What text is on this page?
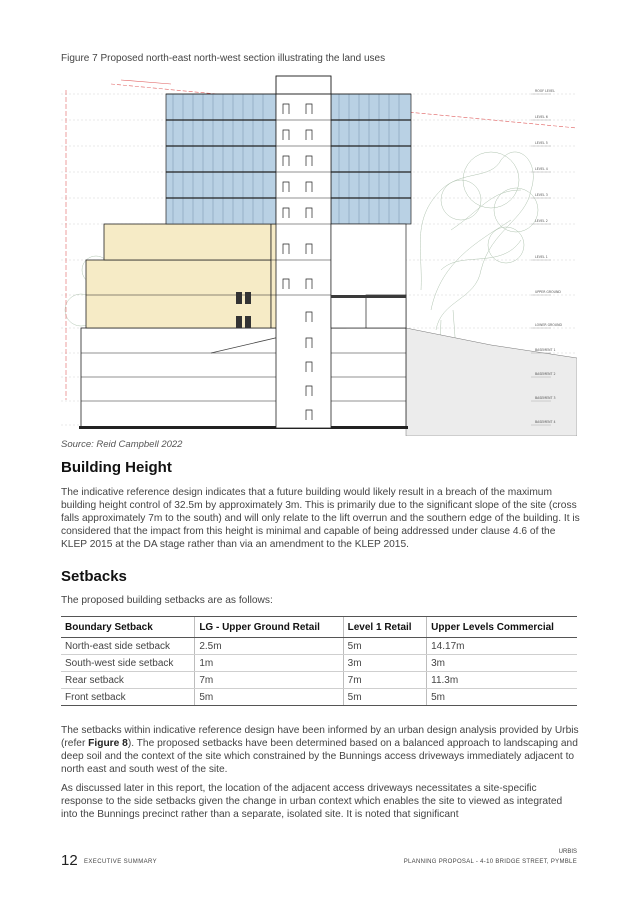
Figure 7 Proposed north-east north-west section illustrating the land uses
ROOF LEVEL
LEVEL 6
LEVEL 5
LEVEL 4
LEVEL 3
LEVEL 2
LEVEL 1
UPPER GROUND
LOWER GROUND
BASEMENT 1
BASEMENT 2
BASEMENT 3
BASEMENT 4
Source: Reid Campbell 2022
Building Height
The indicative reference design indicates that a future building would likely result in a breach of the maximum building height control of 32.5m by approximately 3m. This is primarily due to the significant slope of the site (cross falls approximately 7m to the south) and will only relate to the lift overrun and the southern edge of the building. It is considered that the impact from this height is minimal and capable of being addressed under clause 4.6 of the KLEP 2015 at the DA stage rather than via an amendment to the KLEP 2015.
Setbacks
The proposed building setbacks are as follows:
Boundary Setback	LG - Upper Ground Retail	Level 1 Retail	Upper Levels Commercial
North-east side setback	2.5m	5m	14.17m
South-west side setback	1m	3m	3m
Rear setback	7m	7m	11.3m
Front setback	5m	5m	5m
The setbacks within indicative reference design have been informed by an urban design analysis provided by Urbis (refer Figure 8). The proposed setbacks have been determined based on a balanced approach to landscaping and deep soil and the context of the site which constrained by the Bunnings access driveways immediately adjacent to north east and south west of the site.
As discussed later in this report, the location of the adjacent access driveways necessitates a site-specific response to the side setbacks given the change in urban context which enables the site to viewed as integrated into the Bunnings precinct rather than a separate, isolated site. It is noted that significant
12 EXECUTIVE SUMMARY
URBIS
PLANNING PROPOSAL - 4-10 BRIDGE STREET, PYMBLE
